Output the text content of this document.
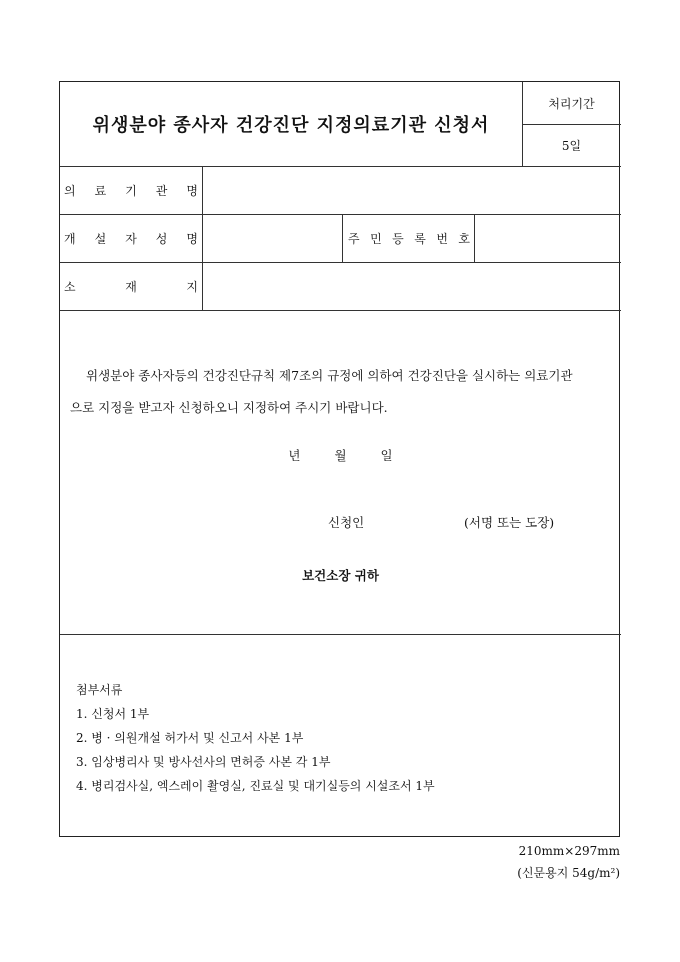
위생분야 종사자 건강진단 지정의료기관 신청서
처리기간
5일
의 료 기 관 명
개 설 자 성 명	주 민 등 록 번 호
소	재	지
위생분야 종사자등의 건강진단규칙 제7조의 규정에 의하여 건강진단을 실시하는 의료기관
으로 지정을 받고자 신청하오니 지정하여 주시기 바랍니다.
년	월	일
신청인	(서명 또는 도장)
보건소장 귀하
첨부서류
1. 신청서 1부
2. 병 · 의원개설 허가서 및 신고서 사본 1부
3. 임상병리사 및 방사선사의 면허증 사본 각 1부
4. 병리검사실, 엑스레이 촬영실, 진료실 및 대기실등의 시설조서 1부
210mm×297mm
(신문용지 54g/m²)
